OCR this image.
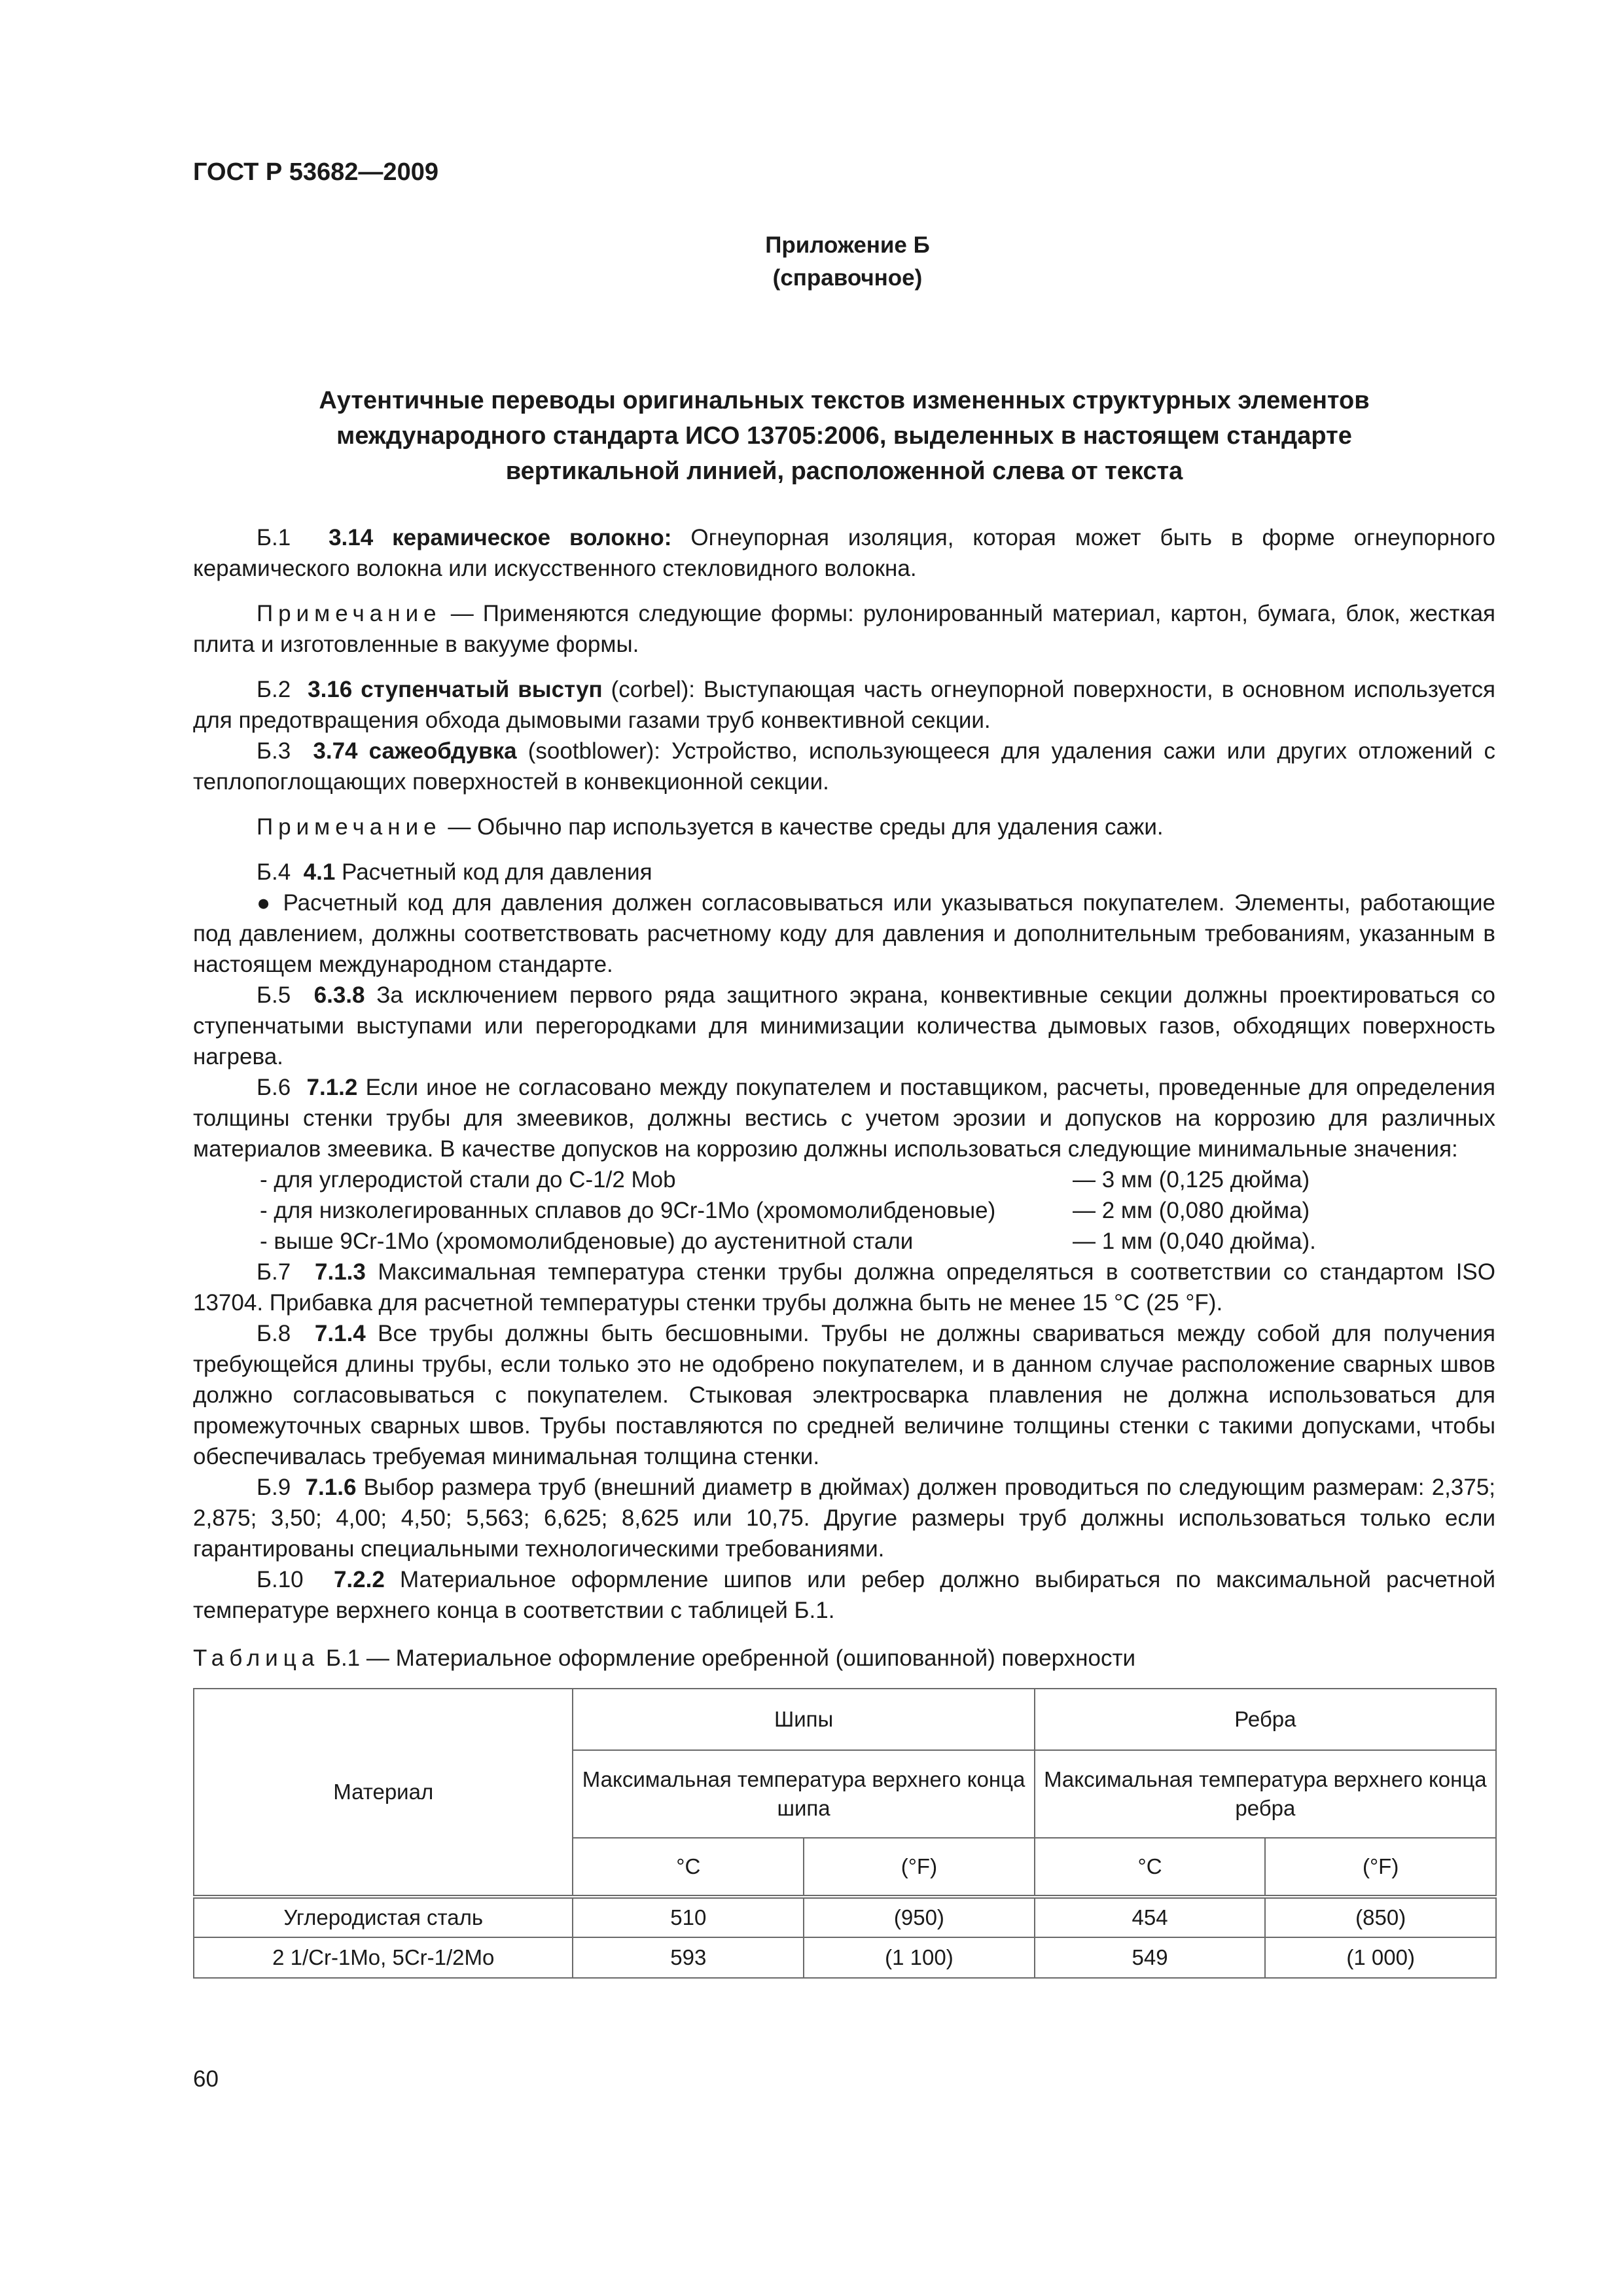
ГОСТ Р 53682—2009
Приложение Б
(справочное)
Аутентичные переводы оригинальных текстов измененных структурных элементов
международного стандарта ИСО 13705:2006, выделенных в настоящем стандарте
вертикальной линией, расположенной слева от текста

Б.1 3.14 керамическое волокно: Огнеупорная изоляция, которая может быть в форме огнеупорного керамического волокна или искусственного стекловидного волокна.

Примечание — Применяются следующие формы: рулонированный материал, картон, бумага, блок, жесткая плита и изготовленные в вакууме формы.

Б.2 3.16 ступенчатый выступ (corbel): Выступающая часть огнеупорной поверхности, в основном используется для предотвращения обхода дымовыми газами труб конвективной секции.

Б.3 3.74 сажеобдувка (sootblower): Устройство, использующееся для удаления сажи или других отложений с теплопоглощающих поверхностей в конвекционной секции.

Примечание — Обычно пар используется в качестве среды для удаления сажи.

Б.4 4.1 Расчетный код для давления

● Расчетный код для давления должен согласовываться или указываться покупателем. Элементы, работающие под давлением, должны соответствовать расчетному коду для давления и дополнительным требованиям, указанным в настоящем международном стандарте.

Б.5 6.3.8 За исключением первого ряда защитного экрана, конвективные секции должны проектироваться со ступенчатыми выступами или перегородками для минимизации количества дымовых газов, обходящих поверхность нагрева.

Б.6 7.1.2 Если иное не согласовано между покупателем и поставщиком, расчеты, проведенные для определения толщины стенки трубы для змеевиков, должны вестись с учетом эрозии и допусков на коррозию для различных материалов змеевика. В качестве допусков на коррозию должны использоваться следующие минимальные значения:

- для углеродистой стали до С-1/2 Mob	— 3 мм (0,125 дюйма)
- для низколегированных сплавов до 9Cr-1Mo (хромомолибденовые)	— 2 мм (0,080 дюйма)
- выше 9Cr-1Mo (хромомолибденовые) до аустенитной стали	— 1 мм (0,040 дюйма).

Б.7 7.1.3 Максимальная температура стенки трубы должна определяться в соответствии со стандартом ISO 13704. Прибавка для расчетной температуры стенки трубы должна быть не менее 15 °С (25 °F).

Б.8 7.1.4 Все трубы должны быть бесшовными. Трубы не должны свариваться между собой для получения требующейся длины трубы, если только это не одобрено покупателем, и в данном случае расположение сварных швов должно согласовываться с покупателем. Стыковая электросварка плавления не должна использоваться для промежуточных сварных швов. Трубы поставляются по средней величине толщины стенки с такими допусками, чтобы обеспечивалась требуемая минимальная толщина стенки.

Б.9 7.1.6 Выбор размера труб (внешний диаметр в дюймах) должен проводиться по следующим размерам: 2,375; 2,875; 3,50; 4,00; 4,50; 5,563; 6,625; 8,625 или 10,75. Другие размеры труб должны использоваться только если гарантированы специальными технологическими требованиями.

Б.10 7.2.2 Материальное оформление шипов или ребер должно выбираться по максимальной расчетной температуре верхнего конца в соответствии с таблицей Б.1.

Таблица Б.1 — Материальное оформление оребренной (ошипованной) поверхности
Материал	Шипы		Ребра	
	Максимальная температура верхнего конца шипа		Максимальная температура верхнего конца ребра	
	°С	(°F)	°С	(°F)
Углеродистая сталь	510	(950)	454	(850)
2 1/Cr-1Mo, 5Cr-1/2Mo	593	(1 100)	549	(1 000)
60
